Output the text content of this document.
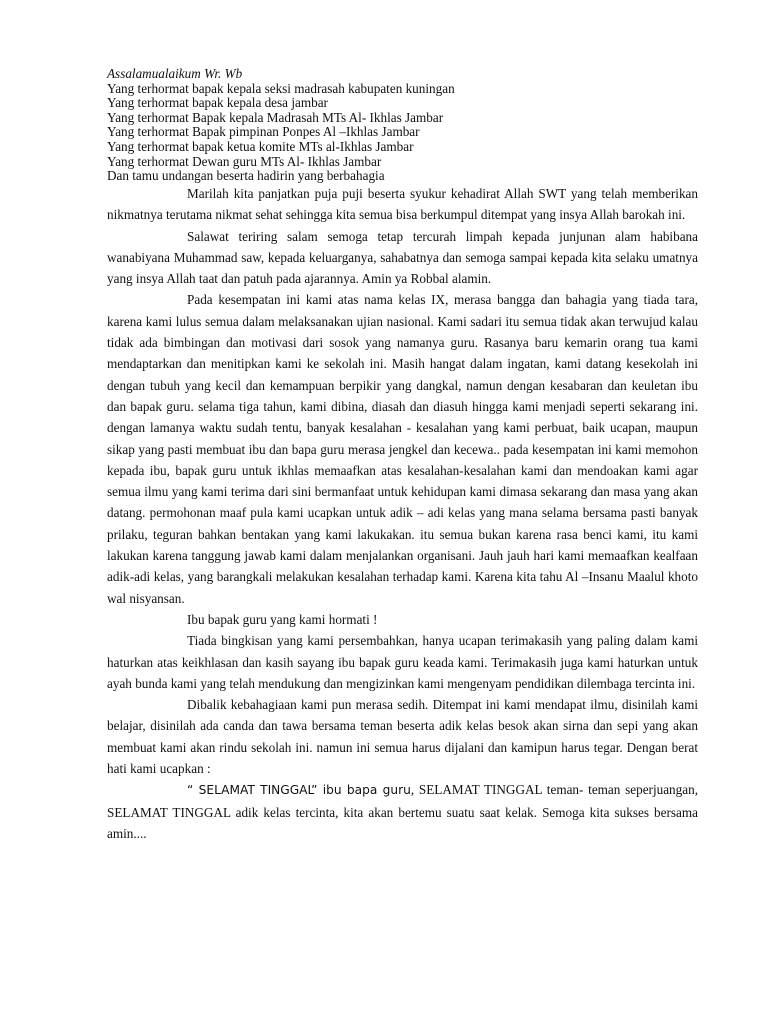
Assalamualaikum Wr. Wb
Yang terhormat bapak kepala seksi madrasah kabupaten kuningan
Yang terhormat bapak kepala desa jambar
Yang terhormat Bapak kepala Madrasah MTs Al- Ikhlas Jambar
Yang terhormat Bapak pimpinan Ponpes Al –Ikhlas Jambar
Yang terhormat bapak ketua komite MTs al-Ikhlas Jambar
Yang terhormat Dewan guru MTs Al- Ikhlas Jambar
Dan tamu undangan beserta hadirin yang berbahagia

Marilah kita panjatkan puja puji beserta syukur kehadirat Allah SWT yang telah memberikan nikmatnya terutama nikmat sehat sehingga kita semua bisa berkumpul ditempat yang insya Allah barokah ini.

Salawat teriring salam semoga tetap tercurah limpah kepada junjunan alam habibana wanabiyana Muhammad saw, kepada keluarganya, sahabatnya dan semoga sampai kepada kita selaku umatnya yang insya Allah taat dan patuh pada ajarannya. Amin ya Robbal alamin.

Pada kesempatan ini kami atas nama kelas IX, merasa bangga dan bahagia yang tiada tara, karena kami lulus semua dalam melaksanakan ujian nasional. Kami sadari itu semua tidak akan terwujud kalau tidak ada bimbingan dan motivasi dari sosok yang namanya guru. Rasanya baru kemarin orang tua kami mendaptarkan dan menitipkan kami ke sekolah ini. Masih hangat dalam ingatan, kami datang kesekolah ini dengan tubuh yang kecil dan kemampuan berpikir yang dangkal, namun dengan kesabaran dan keuletan ibu dan bapak guru. selama tiga tahun, kami dibina, diasah dan diasuh hingga kami menjadi seperti sekarang ini. dengan lamanya waktu sudah tentu, banyak kesalahan - kesalahan yang kami perbuat, baik ucapan, maupun sikap yang pasti membuat ibu dan bapa guru merasa jengkel dan kecewa.. pada kesempatan ini kami memohon kepada ibu, bapak guru untuk ikhlas memaafkan atas kesalahan-kesalahan kami dan mendoakan kami agar semua ilmu yang kami terima dari sini bermanfaat untuk kehidupan kami dimasa sekarang dan masa yang akan datang. permohonan maaf pula kami ucapkan untuk adik – adi kelas yang mana selama bersama pasti banyak prilaku, teguran bahkan bentakan yang kami lakukakan. itu semua bukan karena rasa benci kami, itu kami lakukan karena tanggung jawab kami dalam menjalankan organisani. Jauh jauh hari kami memaafkan kealfaan adik-adi kelas, yang barangkali melakukan kesalahan terhadap kami. Karena kita tahu Al –Insanu Maalul khoto wal nisyansan.

Ibu bapak guru yang kami hormati !

Tiada bingkisan yang kami persembahkan, hanya ucapan terimakasih yang paling dalam kami haturkan atas keikhlasan dan kasih sayang ibu bapak guru keada kami. Terimakasih juga kami haturkan untuk ayah bunda kami yang telah mendukung dan mengizinkan kami mengenyam pendidikan dilembaga tercinta ini.

Dibalik kebahagiaan kami pun merasa sedih. Ditempat ini kami mendapat ilmu, disinilah kami belajar, disinilah ada canda dan tawa bersama teman beserta adik kelas besok akan sirna dan sepi yang akan membuat kami akan rindu sekolah ini. namun ini semua harus dijalani dan kamipun harus tegar. Dengan berat hati kami ucapkan :

“ SELAMAT TINGGAL” ibu bapa guru, SELAMAT TINGGAL teman- teman seperjuangan, SELAMAT TINGGAL adik kelas tercinta, kita akan bertemu suatu saat kelak. Semoga kita sukses bersama amin....
